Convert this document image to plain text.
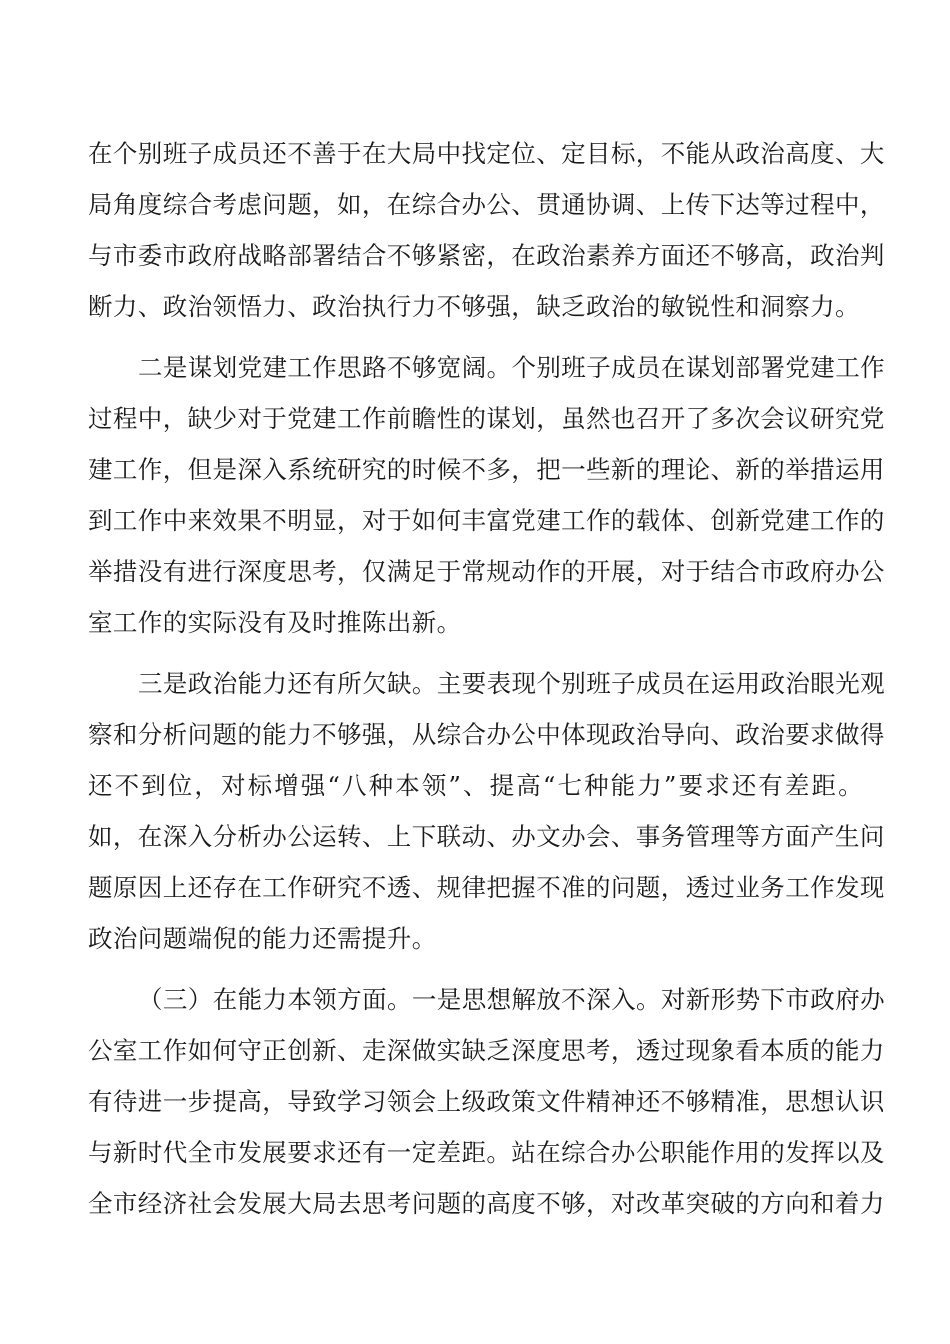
在个别班子成员还不善于在大局中找定位、定目标，不能从政治高度、大
局角度综合考虑问题，如，在综合办公、贯通协调、上传下达等过程中，
与市委市政府战略部署结合不够紧密，在政治素养方面还不够高，政治判
断力、政治领悟力、政治执行力不够强，缺乏政治的敏锐性和洞察力。
二是谋划党建工作思路不够宽阔。个别班子成员在谋划部署党建工作
过程中，缺少对于党建工作前瞻性的谋划，虽然也召开了多次会议研究党
建工作，但是深入系统研究的时候不多，把一些新的理论、新的举措运用
到工作中来效果不明显，对于如何丰富党建工作的载体、创新党建工作的
举措没有进行深度思考，仅满足于常规动作的开展，对于结合市政府办公
室工作的实际没有及时推陈出新。
三是政治能力还有所欠缺。主要表现个别班子成员在运用政治眼光观
察和分析问题的能力不够强，从综合办公中体现政治导向、政治要求做得
还不到位，对标增强“八种本领”、提高“七种能力”要求还有差距。
如，在深入分析办公运转、上下联动、办文办会、事务管理等方面产生问
题原因上还存在工作研究不透、规律把握不准的问题，透过业务工作发现
政治问题端倪的能力还需提升。
（三）在能力本领方面。一是思想解放不深入。对新形势下市政府办
公室工作如何守正创新、走深做实缺乏深度思考，透过现象看本质的能力
有待进一步提高，导致学习领会上级政策文件精神还不够精准，思想认识
与新时代全市发展要求还有一定差距。站在综合办公职能作用的发挥以及
全市经济社会发展大局去思考问题的高度不够，对改革突破的方向和着力
